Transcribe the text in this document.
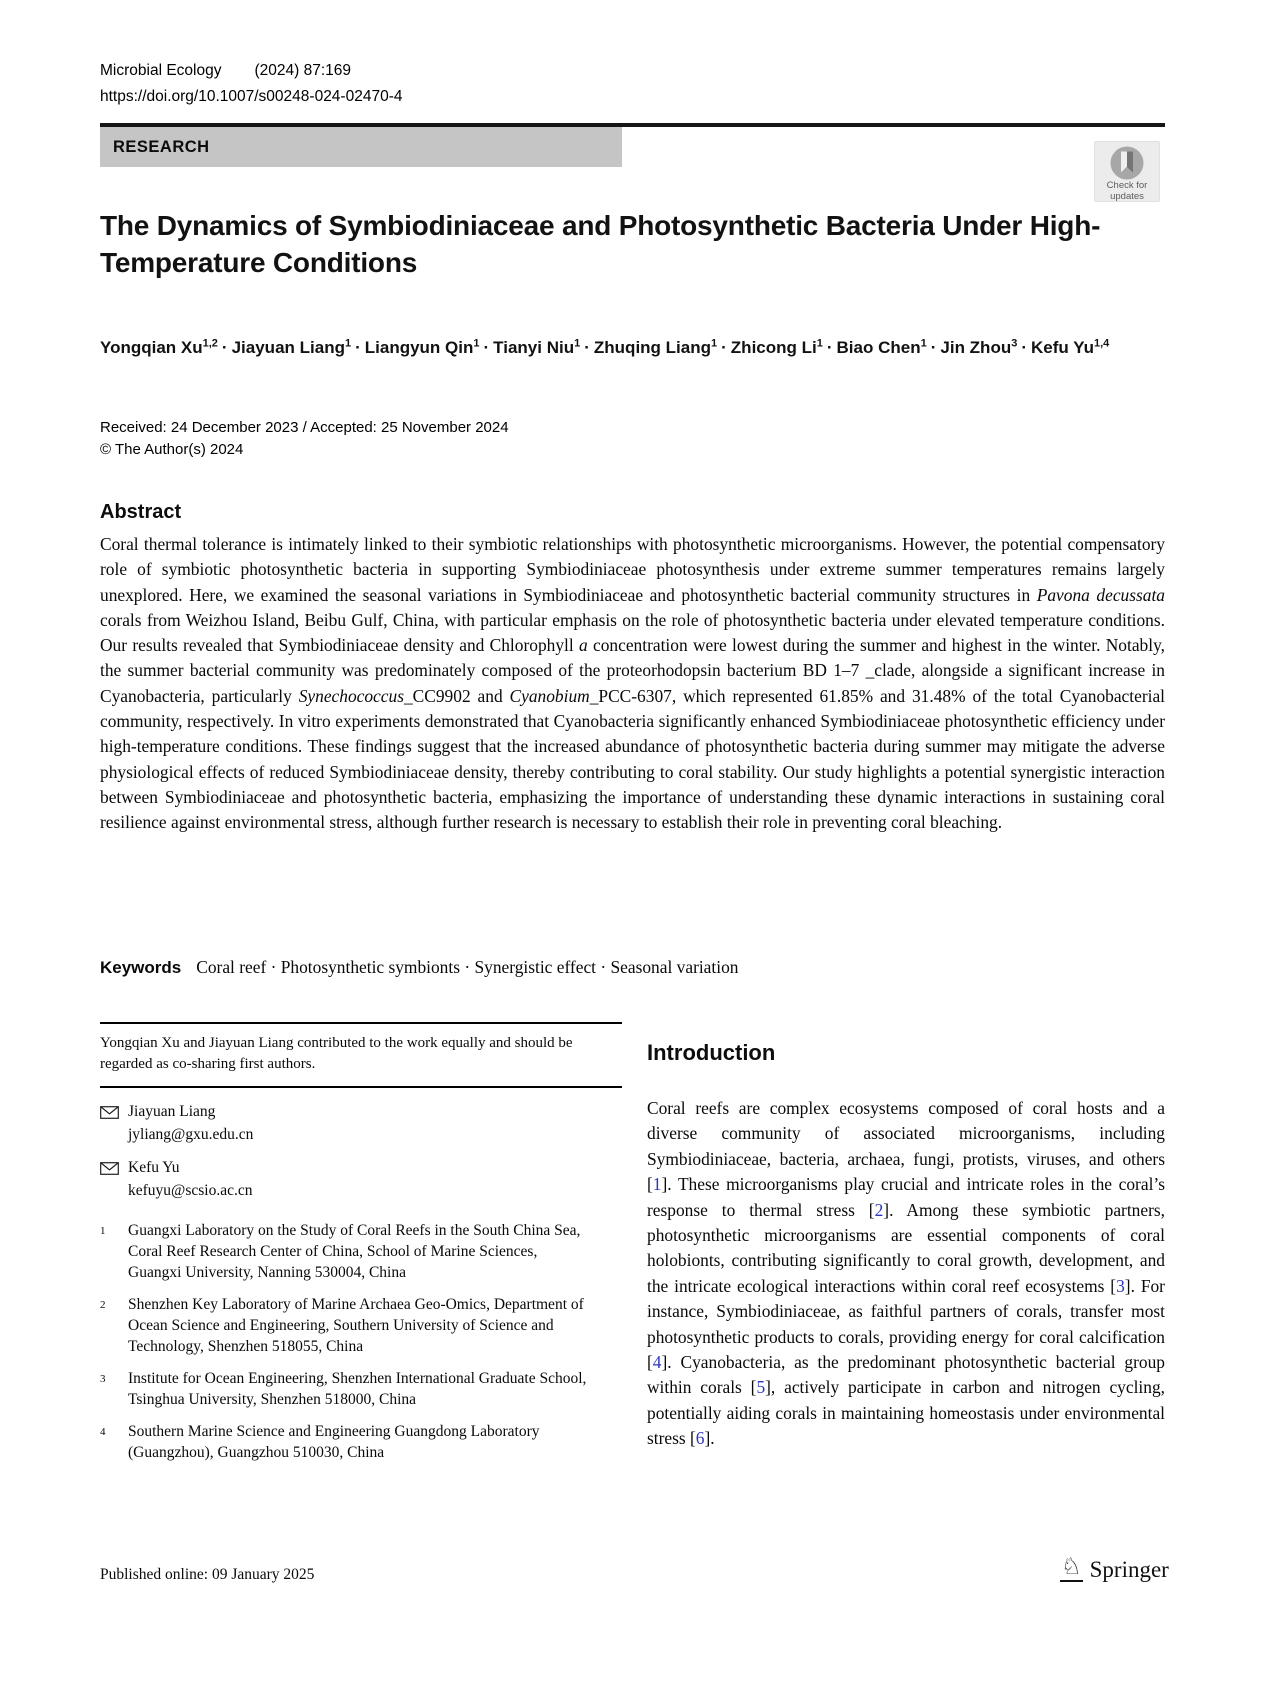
Microbial Ecology (2024) 87:169
https://doi.org/10.1007/s00248-024-02470-4
RESEARCH
Check for
updates
The Dynamics of Symbiodiniaceae and Photosynthetic Bacteria Under High-Temperature Conditions
Yongqian Xu$^{1,2}$ · Jiayuan Liang$^1$ · Liangyun Qin$^1$ · Tianyi Niu$^1$ · Zhuqing Liang$^1$ · Zhicong $Li^1$ · Biao Chen$^1$ · Jin Zhou$^3$ · Kefu Yu$^{1,4}$
Received: 24 December 2023 / Accepted: 25 November 2024
© The Author(s) 2024
Abstract

Coral thermal tolerance is intimately linked to their symbiotic relationships with photosynthetic microorganisms. However, the potential compensatory role of symbiotic photosynthetic bacteria in supporting Symbiodiniaceae photosynthesis under extreme summer temperatures remains largely unexplored. Here, we examined the seasonal variations in Symbiodiniaceae and photosynthetic bacterial community structures in Pavona decussata corals from Weizhou Island, Beibu Gulf, China, with particular emphasis on the role of photosynthetic bacteria under elevated temperature conditions. Our results revealed that Symbiodiniaceae density and Chlorophyll a concentration were lowest during the summer and highest in the winter. Notably, the summer bacterial community was predominately composed of the proteorhodopsin bacterium BD 1–7 _clade, alongside a significant increase in Cyanobacteria, particularly Synechococcus_CC9902 and Cyanobium_PCC-6307, which represented 61.85% and 31.48% of the total Cyanobacterial community, respectively. In vitro experiments demonstrated that Cyanobacteria significantly enhanced Symbiodiniaceae photosynthetic efficiency under high-temperature conditions. These findings suggest that the increased abundance of photosynthetic bacteria during summer may mitigate the adverse physiological effects of reduced Symbiodiniaceae density, thereby contributing to coral stability. Our study highlights a potential synergistic interaction between Symbiodiniaceae and photosynthetic bacteria, emphasizing the importance of understanding these dynamic interactions in sustaining coral resilience against environmental stress, although further research is necessary to establish their role in preventing coral bleaching.

Keywords Coral reef · Photosynthetic symbionts · Synergistic effect · Seasonal variation

Yongqian Xu and Jiayuan Liang contributed to the work equally and should be regarded as co-sharing first authors.

Jiayuan Liang
jyliang@gxu.edu.cn
Kefu Yu
kefuyu@scsio.ac.cn
1	Guangxi Laboratory on the Study of Coral Reefs in the South China Sea, Coral Reef Research Center of China, School of Marine Sciences, Guangxi University, Nanning 530004, China
2	Shenzhen Key Laboratory of Marine Archaea Geo-Omics, Department of Ocean Science and Engineering, Southern University of Science and Technology, Shenzhen 518055, China
3	Institute for Ocean Engineering, Shenzhen International Graduate School, Tsinghua University, Shenzhen 518000, China
4	Southern Marine Science and Engineering Guangdong Laboratory (Guangzhou), Guangzhou 510030, China
Published online: 09 January 2025
Introduction

Coral reefs are complex ecosystems composed of coral hosts and a diverse community of associated microorganisms, including Symbiodiniaceae, bacteria, archaea, fungi, protists, viruses, and others [1]. These microorganisms play crucial and intricate roles in the coral’s response to thermal stress [2]. Among these symbiotic partners, photosynthetic microorganisms are essential components of coral holobionts, contributing significantly to coral growth, development, and the intricate ecological interactions within coral reef ecosystems [3]. For instance, Symbiodiniaceae, as faithful partners of corals, transfer most photosynthetic products to corals, providing energy for coral calcification [4]. Cyanobacteria, as the predominant photosynthetic bacterial group within corals [5], actively participate in carbon and nitrogen cycling, potentially aiding corals in maintaining homeostasis under environmental stress [6].

♘ Springer
